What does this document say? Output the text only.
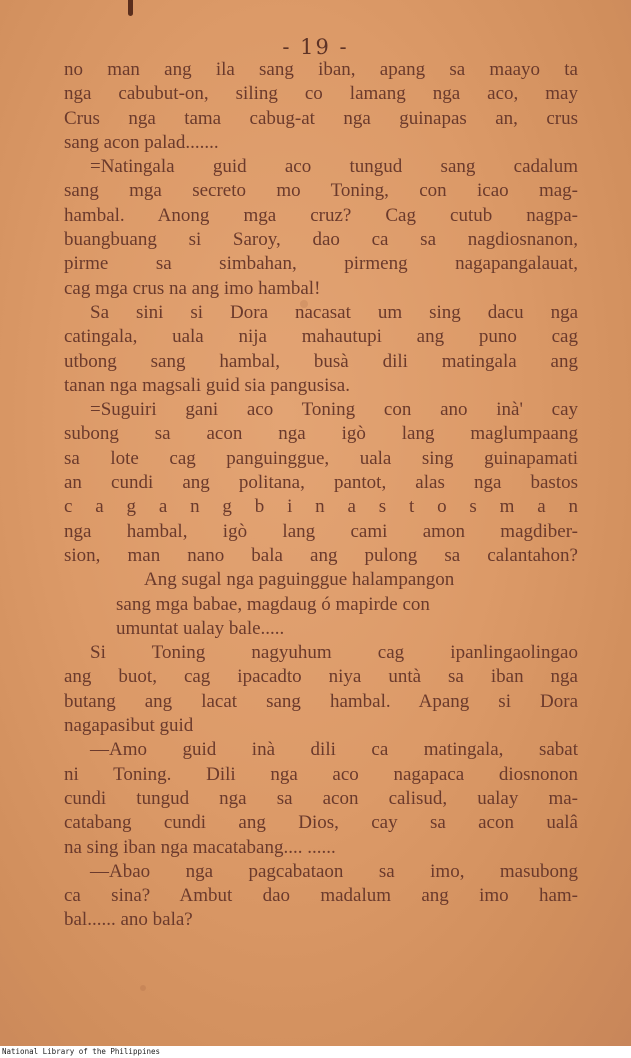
- 19 -
no man ang ila sang iban, apang sa maayo ta
nga cabubut-on, siling co lamang nga aco, may
Crus nga tama cabug-at nga guinapas an, crus
sang acon palad.......
=Natingala guid aco tungud sang cadalum
sang mga secreto mo Toning, con icao mag-
hambal. Anong mga cruz? Cag cutub nagpa-
buangbuang si Saroy, dao ca sa nagdiosnanon,
pirme sa simbahan, pirmeng nagapangalauat,
cag mga crus na ang imo hambal!
Sa sini si Dora nacasat um sing dacu nga
catingala, uala nija mahautupi ang puno cag
utbong sang hambal, busà dili matingala ang
tanan nga magsali guid sia pangusisa.
=Suguiri gani aco Toning con ano inà' cay
subong sa acon nga igò lang maglumpaang
sa lote cag panguinggue, uala sing guinapamati
an cundi ang politana, pantot, alas nga bastos
c a g a n g b i n a s t o s m a n
nga hambal, igò lang cami amon magdiber-
sion, man nano bala ang pulong sa calantahon?
Ang sugal nga paguinggue halampangon
sang mga babae, magdaug ó mapirde con
umuntat ualay bale.....
Si Toning nagyuhum cag ipanlingaolingao
ang buot, cag ipacadto niya untà sa iban nga
butang ang lacat sang hambal. Apang si Dora
nagapasibut guid
—Amo guid inà dili ca matingala, sabat
ni Toning. Dili nga aco nagapaca diosnonon
cundi tungud nga sa acon calisud, ualay ma-
catabang cundi ang Dios, cay sa acon ualâ
na sing iban nga macatabang.... ......
—Abao nga pagcabataon sa imo, masubong
ca sina? Ambut dao madalum ang imo ham-
bal...... ano bala?
National Library of the Philippines
